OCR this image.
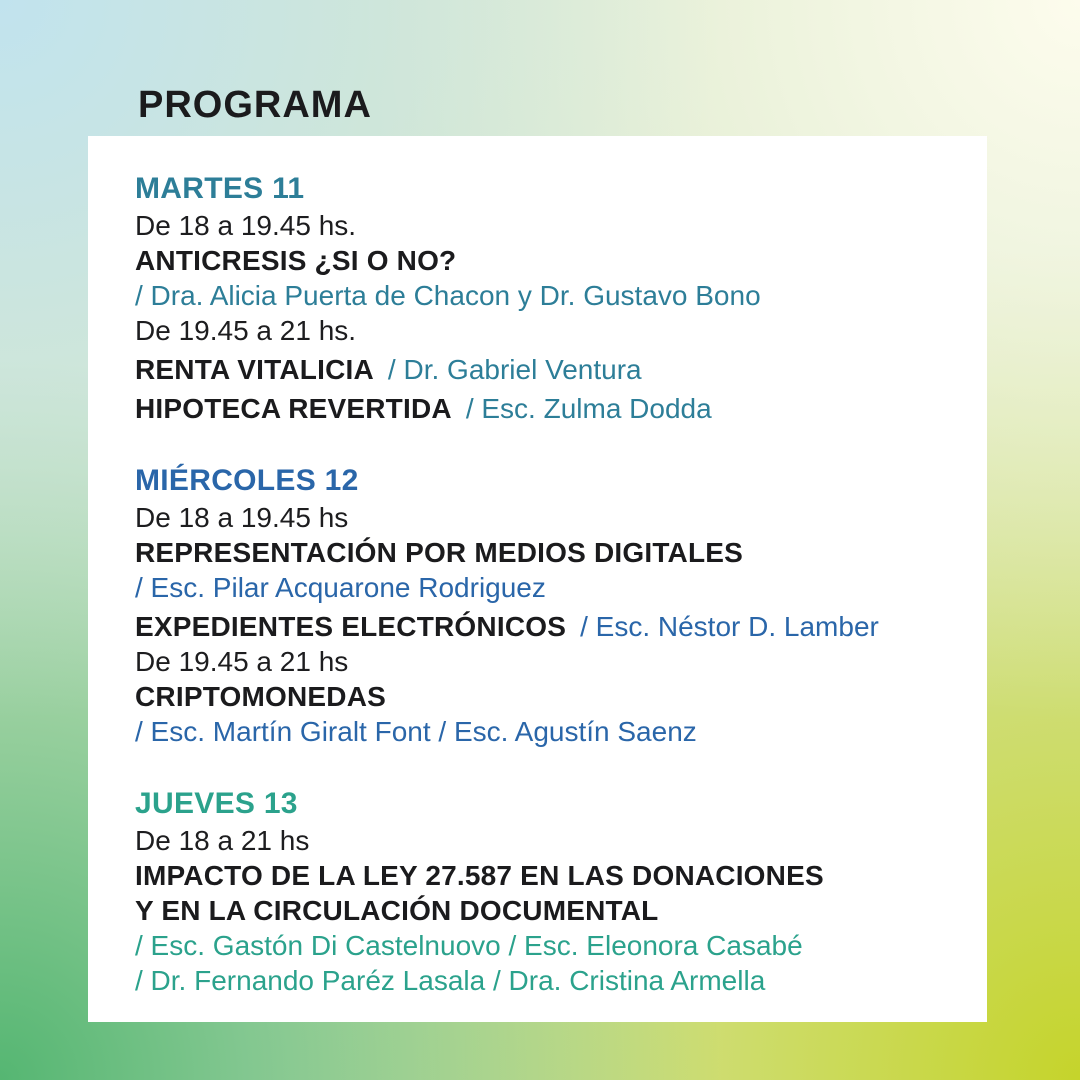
PROGRAMA
MARTES 11

De 18 a 19.45 hs.

ANTICRESIS ¿SI O NO?

/ Dra. Alicia Puerta de Chacon y Dr. Gustavo Bono

De 19.45 a 21 hs.

RENTA VITALICIA / Dr. Gabriel Ventura

HIPOTECA REVERTIDA / Esc. Zulma Dodda

MIÉRCOLES 12

De 18 a 19.45 hs

REPRESENTACIÓN POR MEDIOS DIGITALES

/ Esc. Pilar Acquarone Rodriguez

EXPEDIENTES ELECTRÓNICOS / Esc. Néstor D. Lamber

De 19.45 a 21 hs

CRIPTOMONEDAS

/ Esc. Martín Giralt Font / Esc. Agustín Saenz

JUEVES 13

De 18 a 21 hs

IMPACTO DE LA LEY 27.587 EN LAS DONACIONES

Y EN LA CIRCULACIÓN DOCUMENTAL

/ Esc. Gastón Di Castelnuovo / Esc. Eleonora Casabé

/ Dr. Fernando Paréz Lasala / Dra. Cristina Armella
